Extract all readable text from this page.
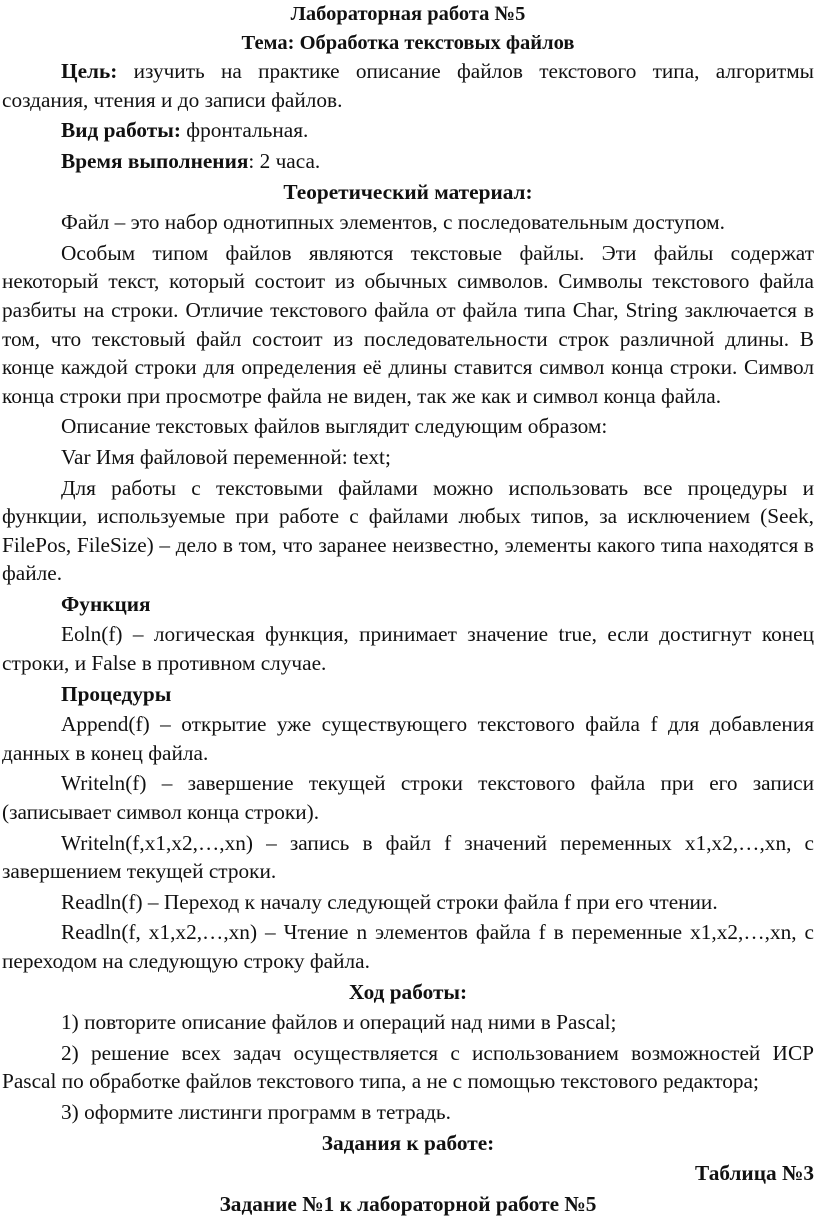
Лабораторная работа №5
Тема: Обработка текстовых файлов

Цель: изучить на практике описание файлов текстового типа, алгоритмы создания, чтения и до записи файлов.

Вид работы: фронтальная.

Время выполнения: 2 часа.

Теоретический материал:

Файл – это набор однотипных элементов, с последовательным доступом.

Особым типом файлов являются текстовые файлы. Эти файлы содержат некоторый текст, который состоит из обычных символов. Символы текстового файла разбиты на строки. Отличие текстового файла от файла типа Char, String заключается в том, что текстовый файл состоит из последовательности строк различной длины. В конце каждой строки для определения её длины ставится символ конца строки. Символ конца строки при просмотре файла не виден, так же как и символ конца файла.

Описание текстовых файлов выглядит следующим образом:

Var Имя файловой переменной: text;

Для работы с текстовыми файлами можно использовать все процедуры и функции, используемые при работе с файлами любых типов, за исключением (Seek, FilePos, FileSize) – дело в том, что заранее неизвестно, элементы какого типа находятся в файле.

Функция

Eoln(f) – логическая функция, принимает значение true, если достигнут конец строки, и False в противном случае.

Процедуры

Append(f) – открытие уже существующего текстового файла f для добавления данных в конец файла.

Writeln(f) – завершение текущей строки текстового файла при его записи (записывает символ конца строки).

Writeln(f,x1,x2,…,xn) – запись в файл f значений переменных x1,x2,…,xn, с завершением текущей строки.

Readln(f) – Переход к началу следующей строки файла f при его чтении.

Readln(f, x1,x2,…,xn) – Чтение n элементов файла f в переменные x1,x2,…,xn, с переходом на следующую строку файла.

Ход работы:

1) повторите описание файлов и операций над ними в Pascal;

2) решение всех задач осуществляется с использованием возможностей ИСР Pascal по обработке файлов текстового типа, а не с помощью текстового редактора;

3) оформите листинги программ в тетрадь.

Задания к работе:
Таблица №3
Задание №1 к лабораторной работе №5
